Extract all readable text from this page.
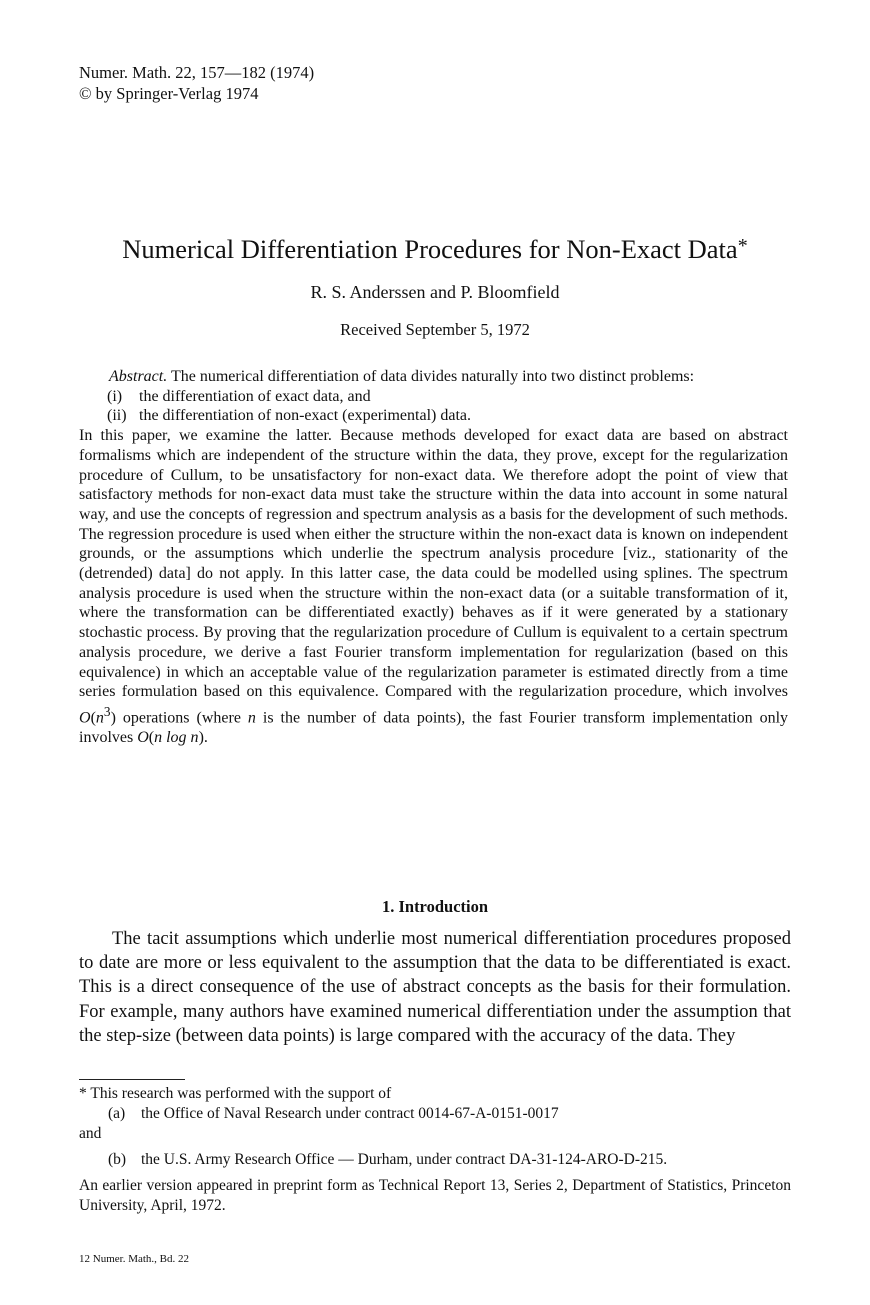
Numer. Math. 22, 157—182 (1974)
© by Springer-Verlag 1974
Numerical Differentiation Procedures for Non-Exact Data*
R. S. Anderssen and P. Bloomfield
Received September 5, 1972

Abstract. The numerical differentiation of data divides naturally into two distinct problems:

(i)	the differentiation of exact data, and
(ii) the differentiation of non-exact (experimental) data.

In this paper, we examine the latter. Because methods developed for exact data are based on abstract formalisms which are independent of the structure within the data, they prove, except for the regularization procedure of Cullum, to be unsatisfactory for non-exact data. We therefore adopt the point of view that satisfactory methods for non-exact data must take the structure within the data into account in some natural way, and use the concepts of regression and spectrum analysis as a basis for the development of such methods. The regression procedure is used when either the structure within the non-exact data is known on independent grounds, or the assumptions which underlie the spectrum analysis procedure [viz., stationarity of the (detrended) data] do not apply. In this latter case, the data could be modelled using splines. The spectrum analysis procedure is used when the structure within the non-exact data (or a suitable transformation of it, where the transformation can be differentiated exactly) behaves as if it were generated by a stationary stochastic process. By proving that the regularization procedure of Cullum is equivalent to a certain spectrum analysis procedure, we derive a fast Fourier transform implementation for regularization (based on this equivalence) in which an acceptable value of the regularization parameter is estimated directly from a time series formulation based on this equivalence. Compared with the regularization procedure, which involves $O(n^3)$ operations (where n is the number of data points), the fast Fourier transform implementation only involves O(n log n).

1. Introduction

The tacit assumptions which underlie most numerical differentiation procedures proposed to date are more or less equivalent to the assumption that the data to be differentiated is exact. This is a direct consequence of the use of abstract concepts as the basis for their formulation. For example, many authors have examined numerical differentiation under the assumption that the step-size (between data points) is large compared with the accuracy of the data. They

* This research was performed with the support of

(a)	the Office of Naval Research under contract 0014-67-A-0151-0017

and

(b) the U.S. Army Research Office — Durham, under contract DA-31-124-ARO-D-215.

An earlier version appeared in preprint form as Technical Report 13, Series 2, Department of Statistics, Princeton University, April, 1972.

12 Numer. Math., Bd. 22
